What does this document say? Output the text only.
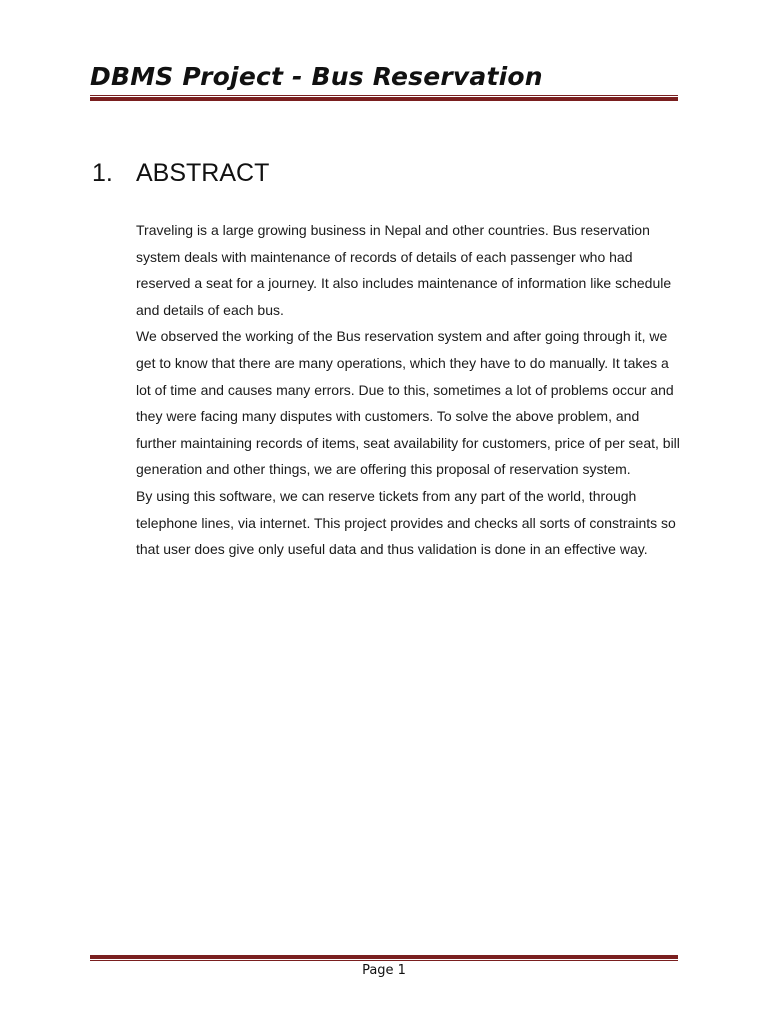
DBMS Project - Bus Reservation
1. ABSTRACT

Traveling is a large growing business in Nepal and other countries. Bus reservation system deals with maintenance of records of details of each passenger who had reserved a seat for a journey. It also includes maintenance of information like schedule and details of each bus.

We observed the working of the Bus reservation system and after going through it, we get to know that there are many operations, which they have to do manually. It takes a lot of time and causes many errors. Due to this, sometimes a lot of problems occur and they were facing many disputes with customers. To solve the above problem, and further maintaining records of items, seat availability for customers, price of per seat, bill generation and other things, we are offering this proposal of reservation system.

By using this software, we can reserve tickets from any part of the world, through telephone lines, via internet. This project provides and checks all sorts of constraints so that user does give only useful data and thus validation is done in an effective way.

Page 1
